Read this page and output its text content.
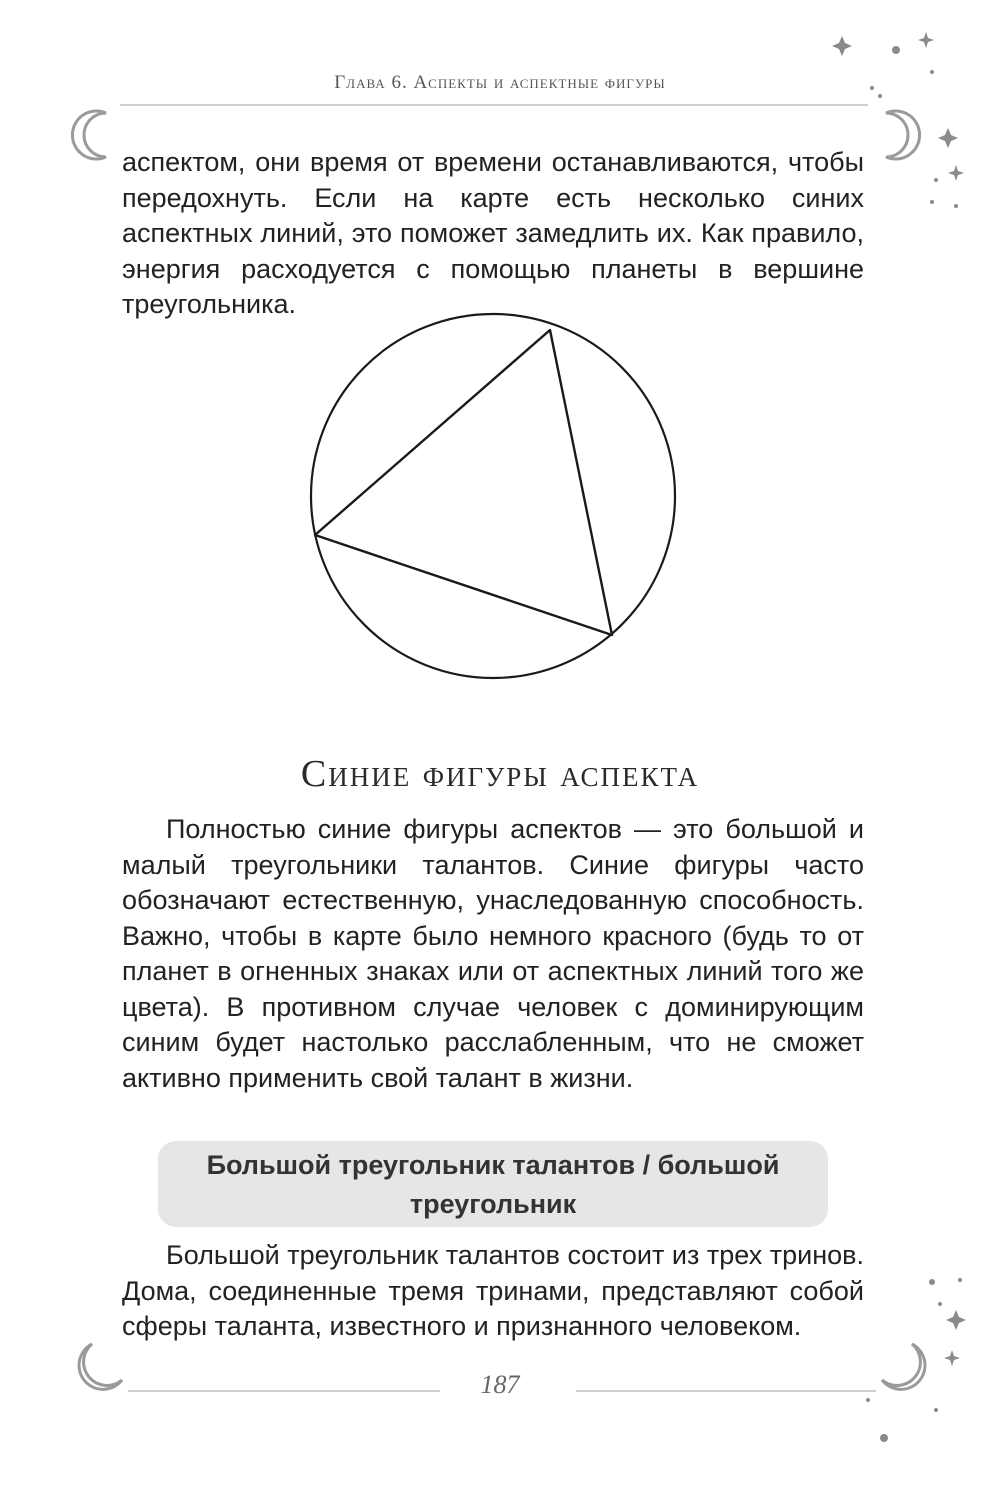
Глава 6. Аспекты и аспектные фигуры
аспектом, они время от времени останавливаются, чтобы передохнуть. Если на карте есть несколько синих аспектных линий, это поможет замедлить их. Как правило, энергия расходуется с помощью планеты в вершине треугольника.
Синие фигуры аспекта
Полностью синие фигуры аспектов — это большой и малый треугольники талантов. Синие фигуры часто обозначают естественную, унаследованную способность. Важно, чтобы в карте было немного красного (будь то от планет в огненных знаках или от аспектных линий того же цвета). В противном случае человек с доминирующим синим будет настолько расслабленным, что не сможет активно применить свой талант в жизни.
Большой треугольник талантов / большой треугольник
Большой треугольник талантов состоит из трех тринов. Дома, соединенные тремя тринами, представляют собой сферы таланта, известного и признанного человеком.
187
